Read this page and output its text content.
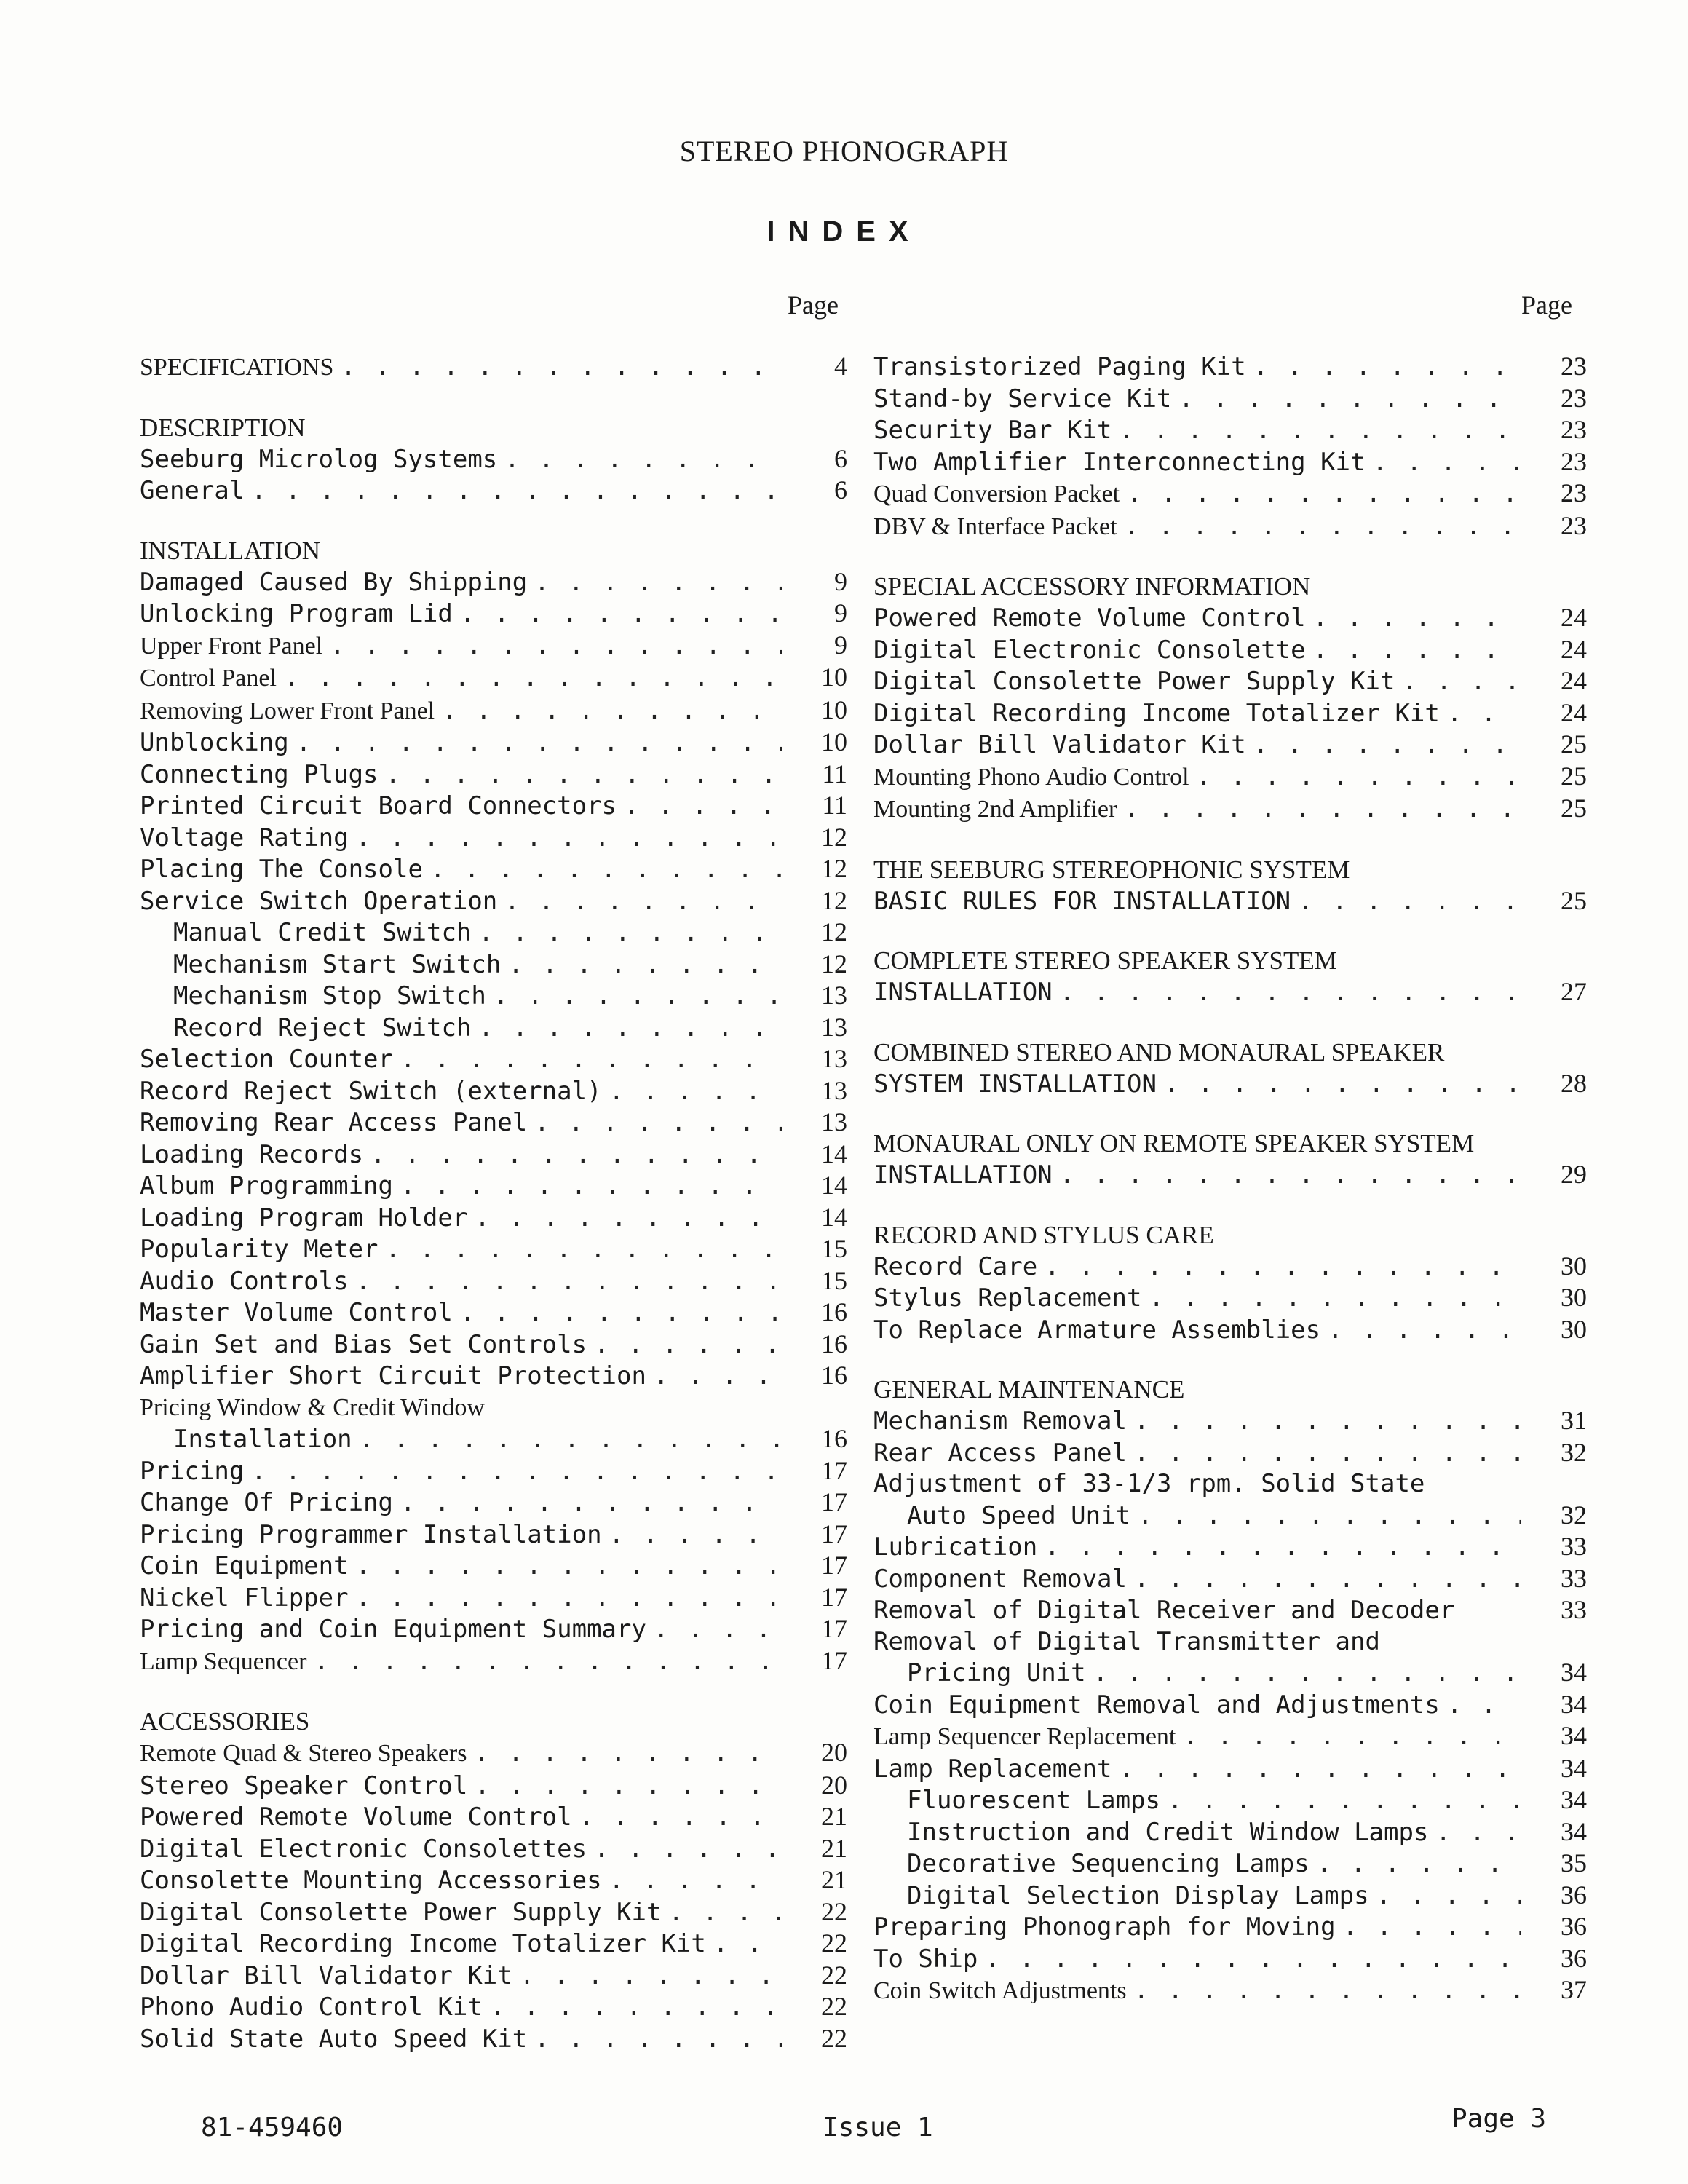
STEREO PHONOGRAPH
INDEX
Page	Page
SPECIFICATIONS . . .	4
DESCRIPTION
Seeburg Microlog Systems . . .	6
General . . .	6
INSTALLATION
Damaged Caused By Shipping . . .	9
Unlocking Program Lid . . .	9
Upper Front Panel . . .	9
Control Panel . . .	10
Removing Lower Front Panel . . .	10
Unblocking . . .	10
Connecting Plugs . . .	11
Printed Circuit Board Connectors . . .	11
Voltage Rating . . .	12
Placing The Console . . .	12
Service Switch Operation . . .	12
Manual Credit Switch . . .	12
Mechanism Start Switch . . .	12
Mechanism Stop Switch . . .	13
Record Reject Switch . . .	13
Selection Counter . . .	13
Record Reject Switch (external) . . .	13
Removing Rear Access Panel . . .	13
Loading Records . . .	14
Album Programming . . .	14
Loading Program Holder . . .	14
Popularity Meter . . .	15
Audio Controls . . .	15
Master Volume Control . . .	16
Gain Set and Bias Set Controls . . .	16
Amplifier Short Circuit Protection . . .	16
Pricing Window & Credit Window
Installation . . .	16
Pricing . . .	17
Change Of Pricing . . .	17
Pricing Programmer Installation . . .	17
Coin Equipment . . .	17
Nickel Flipper . . .	17
Pricing and Coin Equipment Summary . . .	17
Lamp Sequencer . . .	17
ACCESSORIES
Remote Quad & Stereo Speakers . . .	20
Stereo Speaker Control . . .	20
Powered Remote Volume Control . . .	21
Digital Electronic Consolettes . . .	21
Consolette Mounting Accessories . . .	21
Digital Consolette Power Supply Kit . . .	22
Digital Recording Income Totalizer Kit . . .	22
Dollar Bill Validator Kit . . .	22
Phono Audio Control Kit . . .	22
Solid State Auto Speed Kit . . .	22
Transistorized Paging Kit . . .	23
Stand-by Service Kit . . .	23
Security Bar Kit . . .	23
Two Amplifier Interconnecting Kit . . .	23
Quad Conversion Packet . . .	23
DBV & Interface Packet . . .	23
SPECIAL ACCESSORY INFORMATION
Powered Remote Volume Control . . .	24
Digital Electronic Consolette . . .	24
Digital Consolette Power Supply Kit . . .	24
Digital Recording Income Totalizer Kit . . .	24
Dollar Bill Validator Kit . . .	25
Mounting Phono Audio Control . . .	25
Mounting 2nd Amplifier . . .	25
THE SEEBURG STEREOPHONIC SYSTEM
BASIC RULES FOR INSTALLATION . . .	25
COMPLETE STEREO SPEAKER SYSTEM
INSTALLATION . . .	27
COMBINED STEREO AND MONAURAL SPEAKER
SYSTEM INSTALLATION . . .	28
MONAURAL ONLY ON REMOTE SPEAKER SYSTEM
INSTALLATION . . .	29
RECORD AND STYLUS CARE
Record Care . . .	30
Stylus Replacement . . .	30
To Replace Armature Assemblies . . .	30
GENERAL MAINTENANCE
Mechanism Removal . . .	31
Rear Access Panel . . .	32
Adjustment of 33-1/3 rpm. Solid State
Auto Speed Unit . . .	32
Lubrication . . .	33
Component Removal . . .	33
Removal of Digital Receiver and Decoder	33
Removal of Digital Transmitter and
Pricing Unit . . .	34
Coin Equipment Removal and Adjustments . . .	34
Lamp Sequencer Replacement . . .	34
Lamp Replacement . . .	34
Fluorescent Lamps . . .	34
Instruction and Credit Window Lamps . . .	34
Decorative Sequencing Lamps . . .	35
Digital Selection Display Lamps . . .	36
Preparing Phonograph for Moving . . .	36
To Ship . . .	36
Coin Switch Adjustments . . .	37
81-459460	Issue 1	Page 3
